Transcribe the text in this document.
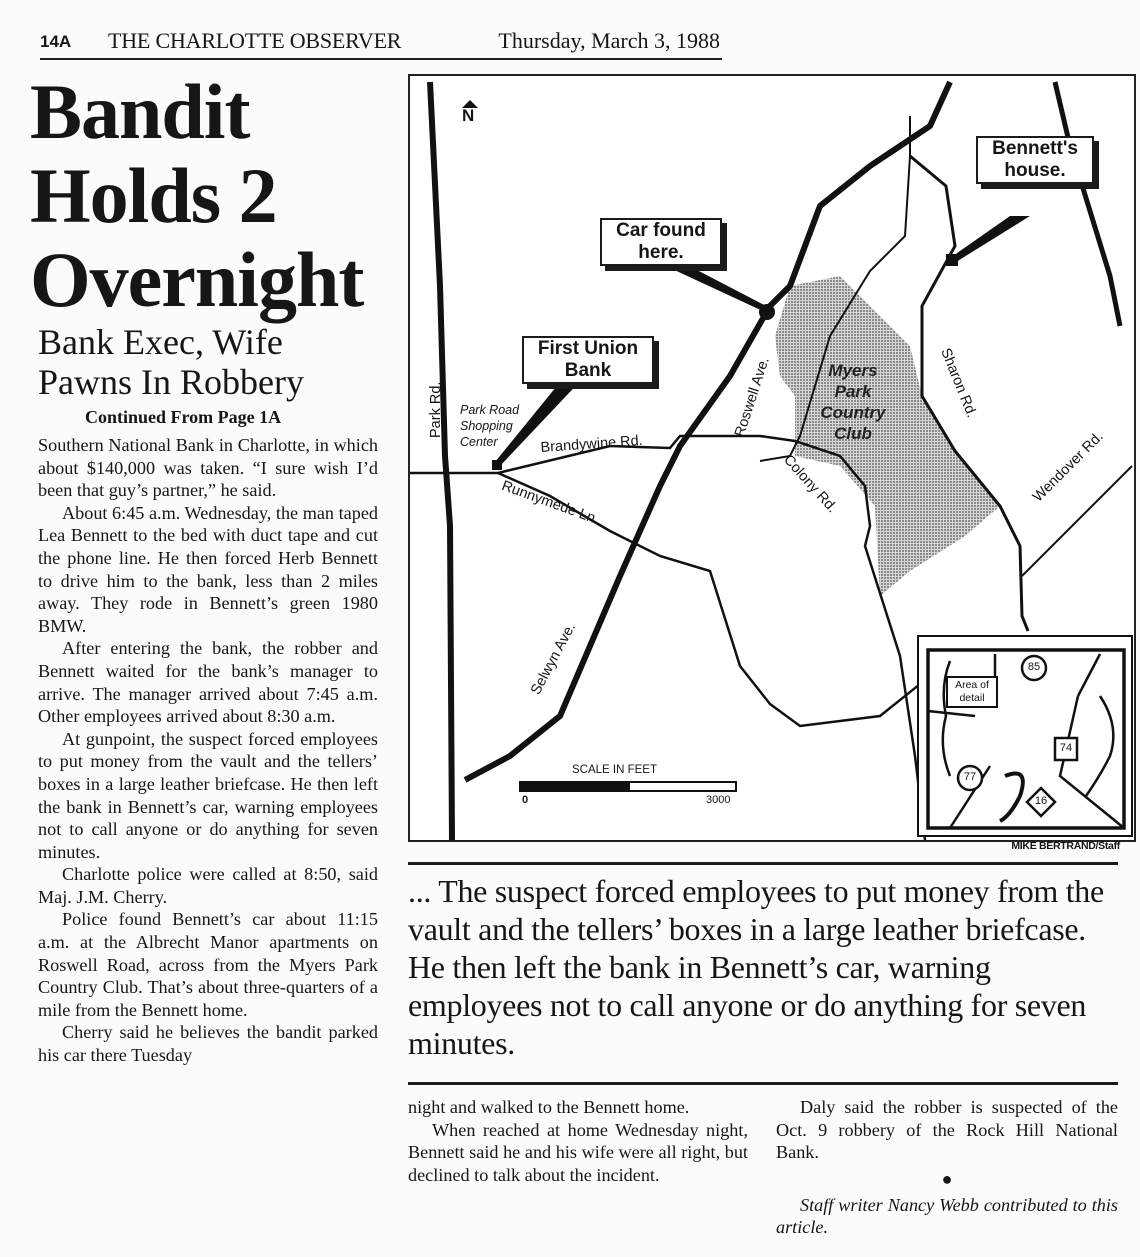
14A THE CHARLOTTE OBSERVER	Thursday, March 3, 1988
Bandit
Holds 2
Overnight
Bank Exec, Wife
Pawns In Robbery
Continued From Page 1A

Southern National Bank in Charlotte, in which about $140,000 was taken. “I sure wish I’d been that guy’s partner,” he said.

About 6:45 a.m. Wednesday, the man taped Lea Bennett to the bed with duct tape and cut the phone line. He then forced Herb Bennett to drive him to the bank, less than 2 miles away. They rode in Bennett’s green 1980 BMW.

After entering the bank, the robber and Bennett waited for the bank’s manager to arrive. The manager arrived about 7:45 a.m. Other employees arrived about 8:30 a.m.

At gunpoint, the suspect forced employees to put money from the vault and the tellers’ boxes in a large leather briefcase. He then left the bank in Bennett’s car, warning employees not to call anyone or do anything for seven minutes.

Charlotte police were called at 8:50, said Maj. J.M. Cherry.

Police found Bennett’s car about 11:15 a.m. at the Albrecht Manor apartments on Roswell Road, across from the Myers Park Country Club. That’s about three-quarters of a mile from the Bennett home.

Cherry said he believes the bandit parked his car there Tuesday

N
Car found
here.
Bennett's
house.
First Union
Bank
Park Road
Shopping
Center
Park Rd.
Brandywine Rd.
Runnymede Ln.
Roswell Ave.
Colony Rd.
Sharon Rd.
Wendover Rd.
Selwyn Ave.
Myers
Park
Country
Club
SCALE IN FEET
0	3000
Area of
detail
85
77
74
16
MIKE BERTRAND/Staff
... The suspect forced employees to put money from the vault and the tellers’ boxes in a large leather briefcase. He then left the bank in Bennett’s car, warning employees not to call anyone or do anything for seven minutes.

night and walked to the Bennett home.

When reached at home Wednesday night, Bennett said he and his wife were all right, but declined to talk about the incident.

Daly said the robber is suspected of the Oct. 9 robbery of the Rock Hill National Bank.

●

Staff writer Nancy Webb contributed to this article.
